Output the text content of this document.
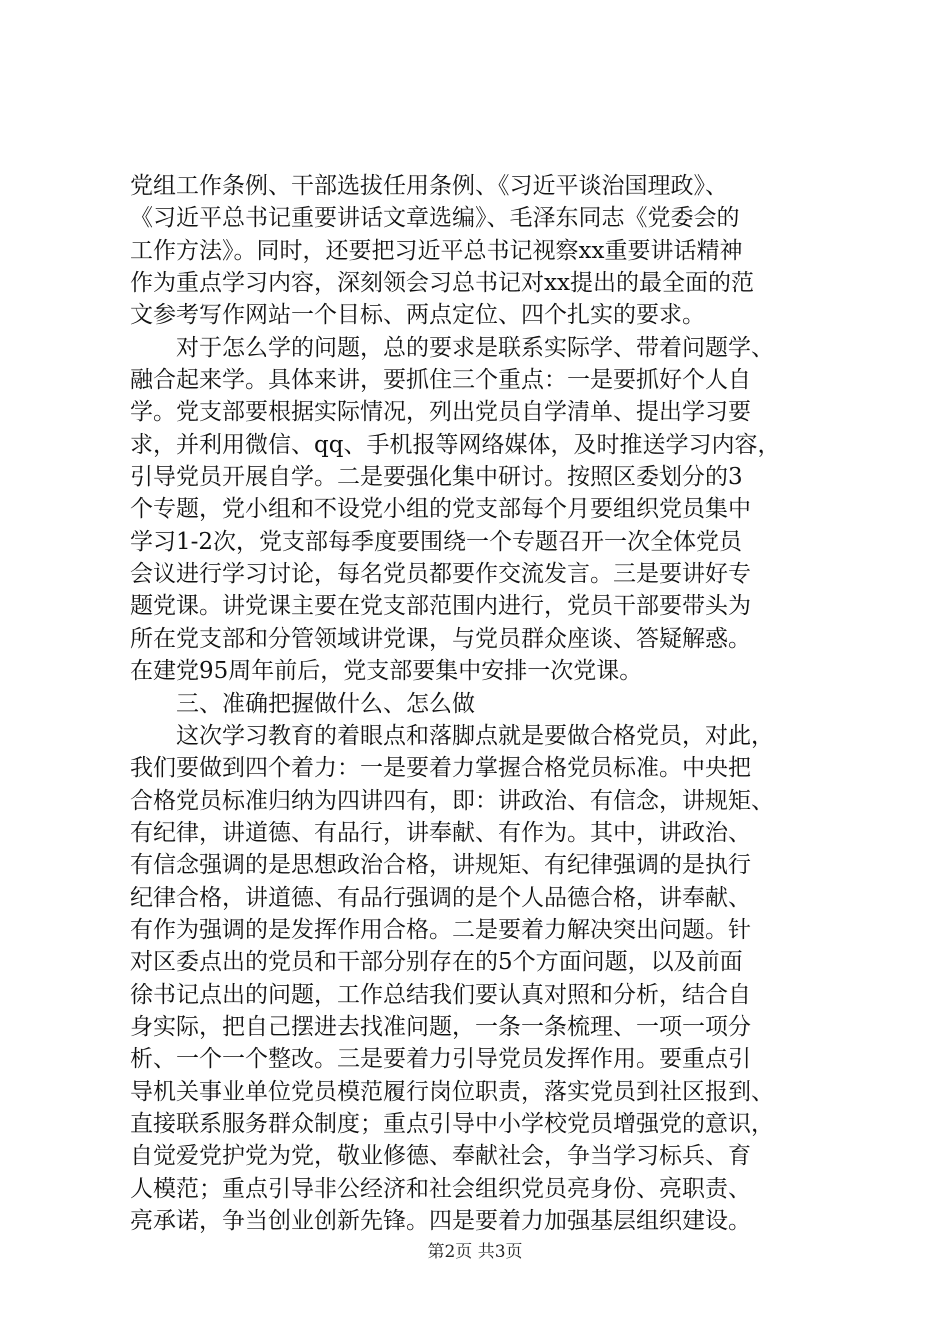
党组工作条例、干部选拔任用条例、《习近平谈治国理政》、
《习近平总书记重要讲话文章选编》、毛泽东同志《党委会的
工作方法》。同时，还要把习近平总书记视察xx重要讲话精神
作为重点学习内容，深刻领会习总书记对xx提出的最全面的范
文参考写作网站一个目标、两点定位、四个扎实的要求。
　　对于怎么学的问题，总的要求是联系实际学、带着问题学、
融合起来学。具体来讲，要抓住三个重点：一是要抓好个人自
学。党支部要根据实际情况，列出党员自学清单、提出学习要
求，并利用微信、qq、手机报等网络媒体，及时推送学习内容，
引导党员开展自学。二是要强化集中研讨。按照区委划分的3
个专题，党小组和不设党小组的党支部每个月要组织党员集中
学习1-2次，党支部每季度要围绕一个专题召开一次全体党员
会议进行学习讨论，每名党员都要作交流发言。三是要讲好专
题党课。讲党课主要在党支部范围内进行，党员干部要带头为
所在党支部和分管领域讲党课，与党员群众座谈、答疑解惑。
在建党95周年前后，党支部要集中安排一次党课。
　　三、准确把握做什么、怎么做
　　这次学习教育的着眼点和落脚点就是要做合格党员，对此，
我们要做到四个着力：一是要着力掌握合格党员标准。中央把
合格党员标准归纳为四讲四有，即：讲政治、有信念，讲规矩、
有纪律，讲道德、有品行，讲奉献、有作为。其中，讲政治、
有信念强调的是思想政治合格，讲规矩、有纪律强调的是执行
纪律合格，讲道德、有品行强调的是个人品德合格，讲奉献、
有作为强调的是发挥作用合格。二是要着力解决突出问题。针
对区委点出的党员和干部分别存在的5个方面问题，以及前面
徐书记点出的问题，工作总结我们要认真对照和分析，结合自
身实际，把自己摆进去找准问题，一条一条梳理、一项一项分
析、一个一个整改。三是要着力引导党员发挥作用。要重点引
导机关事业单位党员模范履行岗位职责，落实党员到社区报到、
直接联系服务群众制度；重点引导中小学校党员增强党的意识，
自觉爱党护党为党，敬业修德、奉献社会，争当学习标兵、育
人模范；重点引导非公经济和社会组织党员亮身份、亮职责、
亮承诺，争当创业创新先锋。四是要着力加强基层组织建设。
第2页 共3页
